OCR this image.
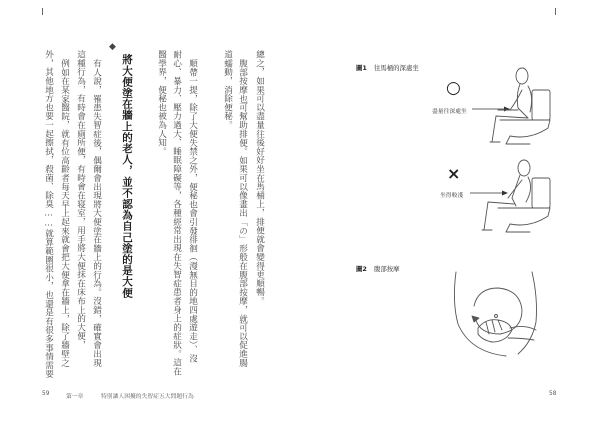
總之，如果可以盡量往後好好坐在馬桶上，排便就會變得更順暢。
腹部按摩也可幫助排便。如果可以像畫出「の」形般在腹部按摩，就可以促進腸
道蠕動，消除便秘。
順帶一提，除了大便失禁之外，便秘也會引發徘徊（漫無目的地四處遊走）、沒
耐心、暴力、壓力過大、睡眠障礙等，各種經常出現在失智症患者身上的症狀。這在
醫學界，便秘也被為人知。
◆
將大便塗在牆上的老人，並不認為自己塗的是大便
有人說，罹患失智症後，偶爾會出現將大便塗在牆上的行為。沒錯，確實會出現
這種行為，有時會在廁所便，有時會在寝室，用手將大便抹在床布上的大便，
例如在某家醫院，就有位高齡者每天早上起來就會把大便拿在牆上，除了牆壁之
外，其他地方也要一起擦拭，殺菌、除臭……就算範圍很小，也還是有很多事情需要
59	第一章	特別讓人困擾的失智症五大問題行為
圖1 往馬桶的深處坐
○
盡量往深處坐
×
坐得較淺
圖2 腹部按摩
58
